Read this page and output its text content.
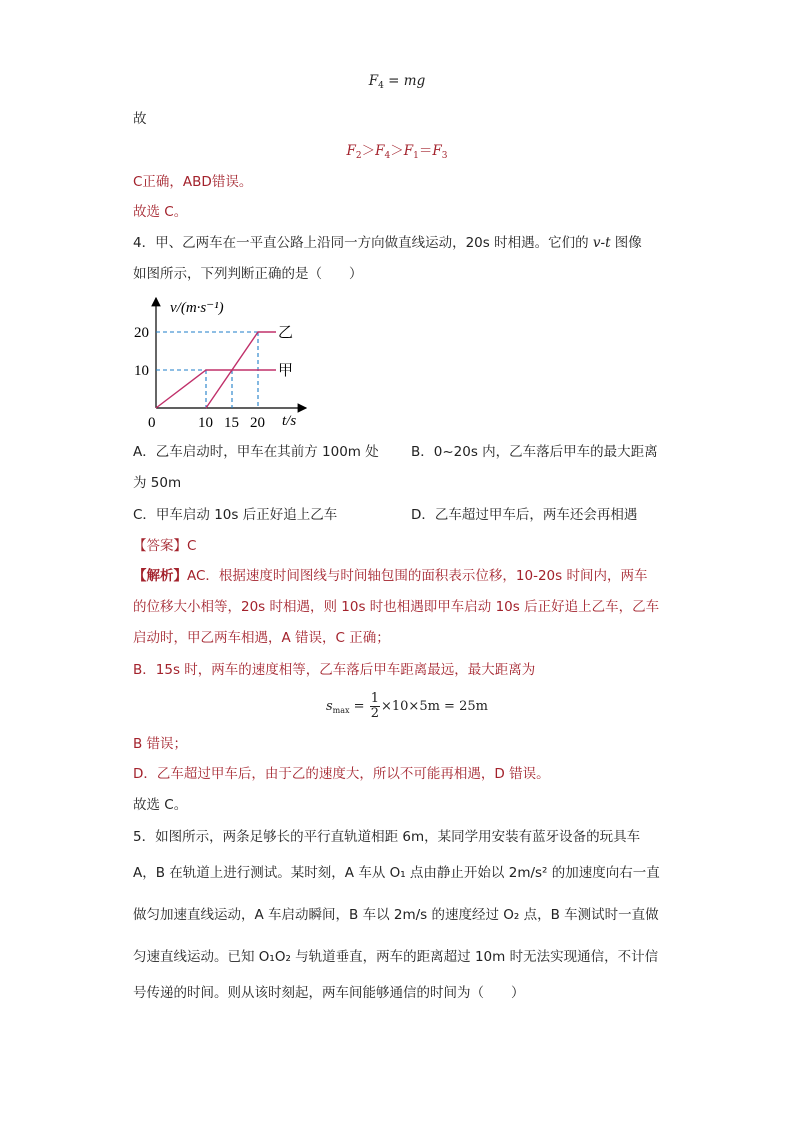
$F_4$ = mg
故
$F_2>F_4>F_1=F_3$
C正确，ABD错误。
故选 C。
4．甲、乙两车在一平直公路上沿同一方向做直线运动，20s 时相遇。它们的 v-t 图像
如图所示，下列判断正确的是（　　）
v/(m·s⁻¹)
20
10
0	10 15 20 t/s
乙
甲
A．乙车启动时，甲车在其前方 100m 处 B．0~20s 内，乙车落后甲车的最大距离
为 50m
C．甲车启动 10s 后正好追上乙车	D．乙车超过甲车后，两车还会再相遇
【答案】C
【解析】AC．根据速度时间图线与时间轴包围的面积表示位移，10-20s 时间内，两车
的位移大小相等，20s 时相遇，则 10s 时也相遇即甲车启动 10s 后正好追上乙车，乙车
启动时，甲乙两车相遇，A 错误，C 正确；
B．15s 时，两车的速度相等，乙车落后甲车距离最远，最大距离为
s $\max = \frac{1}{2} \times 10\times 5m = 25m$
B 错误；
D．乙车超过甲车后，由于乙的速度大，所以不可能再相遇，D 错误。
故选 C。
5．如图所示，两条足够长的平行直轨道相距 6m，某同学用安装有蓝牙设备的玩具车
A，B 在轨道上进行测试。某时刻，A 车从 O₁ 点由静止开始以 2m/s² 的加速度向右一直
做匀加速直线运动，A 车启动瞬间，B 车以 2m/s 的速度经过 O₂ 点，B 车测试时一直做
匀速直线运动。已知 O₁O₂ 与轨道垂直，两车的距离超过 10m 时无法实现通信，不计信
号传递的时间。则从该时刻起，两车间能够通信的时间为（　　）
